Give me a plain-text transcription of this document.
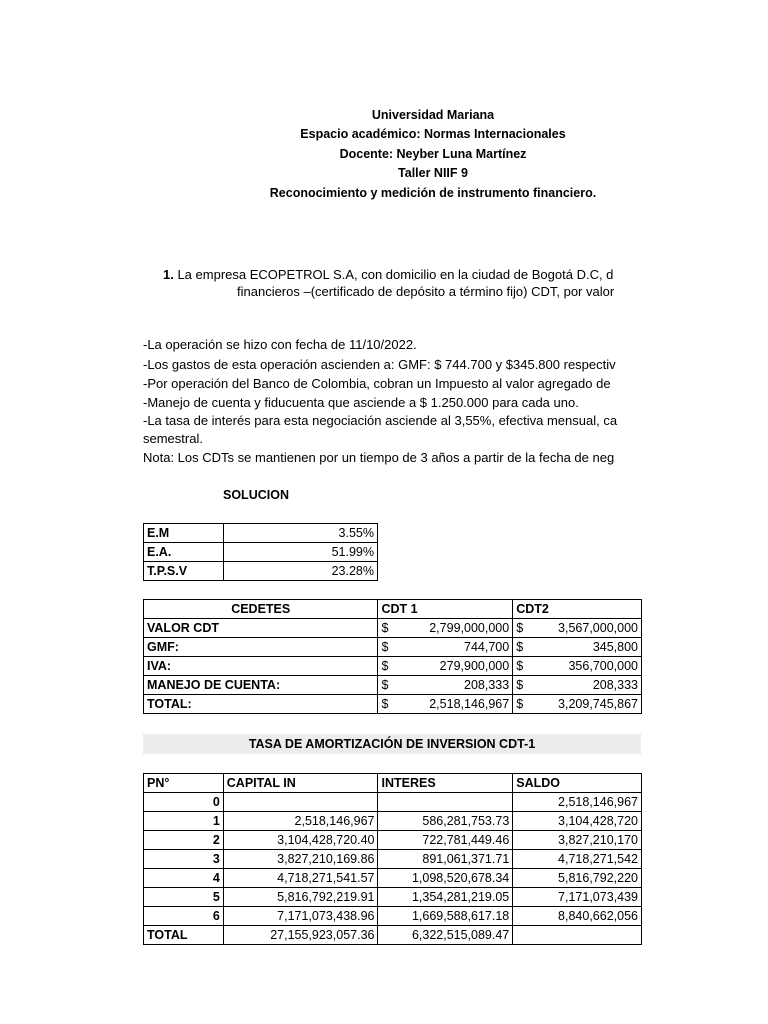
Universidad Mariana
Espacio académico: Normas Internacionales
Docente: Neyber Luna Martínez
Taller NIIF 9
Reconocimiento y medición de instrumento financiero.
1. La empresa ECOPETROL S.A, con domicilio en la ciudad de Bogotá D.C, d
financieros –(certificado de depósito a término fijo) CDT, por valor
-La operación se hizo con fecha de 11/10/2022.
-Los gastos de esta operación ascienden a: GMF: $ 744.700 y $345.800 respectiv
-Por operación del Banco de Colombia, cobran un Impuesto al valor agregado de
-Manejo de cuenta y fiducuenta que asciende a $ 1.250.000 para cada uno.
-La tasa de interés para esta negociación asciende al 3,55%, efectiva mensual, ca
semestral.
Nota: Los CDTs se mantienen por un tiempo de 3 años a partir de la fecha de neg
SOLUCION
E.M	3.55%
E.A.	51.99%
T.P.S.V	23.28%
CEDETES	CDT 1	CDT2
VALOR CDT	$ 2,799,000,000	$ 3,567,000,000

GMF:	$ 744,700	$ 345,800

IVA:	$ 279,900,000	$ 356,700,000

MANEJO DE CUENTA:	$ 208,333	$ 208,333

TOTAL:	$ 2,518,146,967	$ 3,209,745,867
TASA DE AMORTIZACIÓN DE INVERSION CDT-1
PN°	CAPITAL IN	INTERES	SALDO
0			2,518,146,967
1	2,518,146,967	586,281,753.73	3,104,428,720
2	3,104,428,720.40	722,781,449.46	3,827,210,170
3	3,827,210,169.86	891,061,371.71	4,718,271,542
4	4,718,271,541.57	1,098,520,678.34	5,816,792,220
5	5,816,792,219.91	1,354,281,219.05	7,171,073,439
6	7,171,073,438.96	1,669,588,617.18	8,840,662,056
TOTAL	27,155,923,057.36	6,322,515,089.47	
